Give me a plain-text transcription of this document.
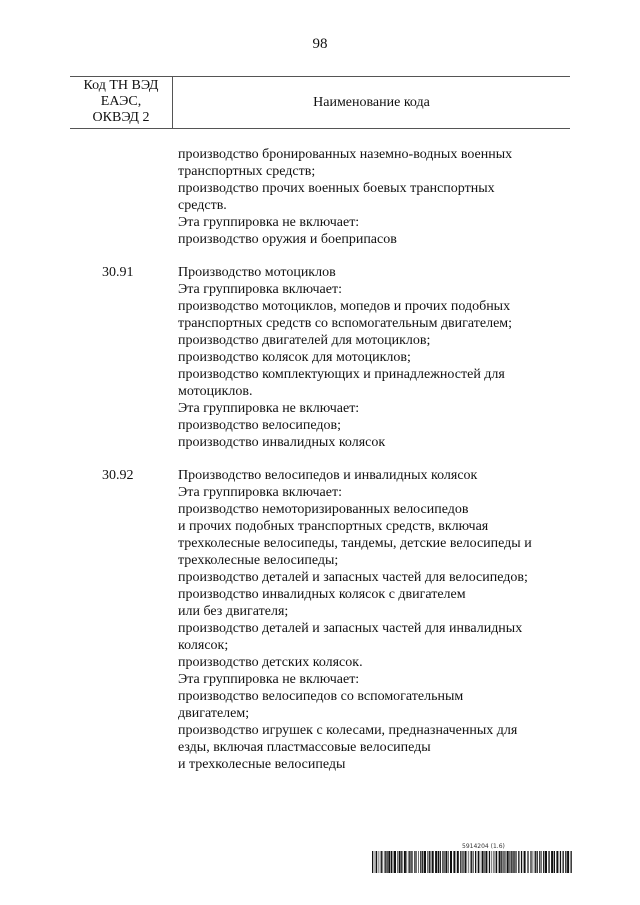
98
Код ТН ВЭД
ЕАЭС,
ОКВЭД 2
Наименование кода
производство бронированных наземно-водных военных
транспортных средств;
производство прочих военных боевых транспортных
средств.
Эта группировка не включает:
производство оружия и боеприпасов
30.91	Производство мотоциклов
Эта группировка включает:
производство мотоциклов, мопедов и прочих подобных
транспортных средств со вспомогательным двигателем;
производство двигателей для мотоциклов;
производство колясок для мотоциклов;
производство комплектующих и принадлежностей для
мотоциклов.
Эта группировка не включает:
производство велосипедов;
производство инвалидных колясок
30.92	Производство велосипедов и инвалидных колясок
Эта группировка включает:
производство немоторизированных велосипедов
и прочих подобных транспортных средств, включая
трехколесные велосипеды, тандемы, детские велосипеды и
трехколесные велосипеды;
производство деталей и запасных частей для велосипедов;
производство инвалидных колясок с двигателем
или без двигателя;
производство деталей и запасных частей для инвалидных
колясок;
производство детских колясок.
Эта группировка не включает:
производство велосипедов со вспомогательным
двигателем;
производство игрушек с колесами, предназначенных для
езды, включая пластмассовые велосипеды
и трехколесные велосипеды
5914204 (1.6)
